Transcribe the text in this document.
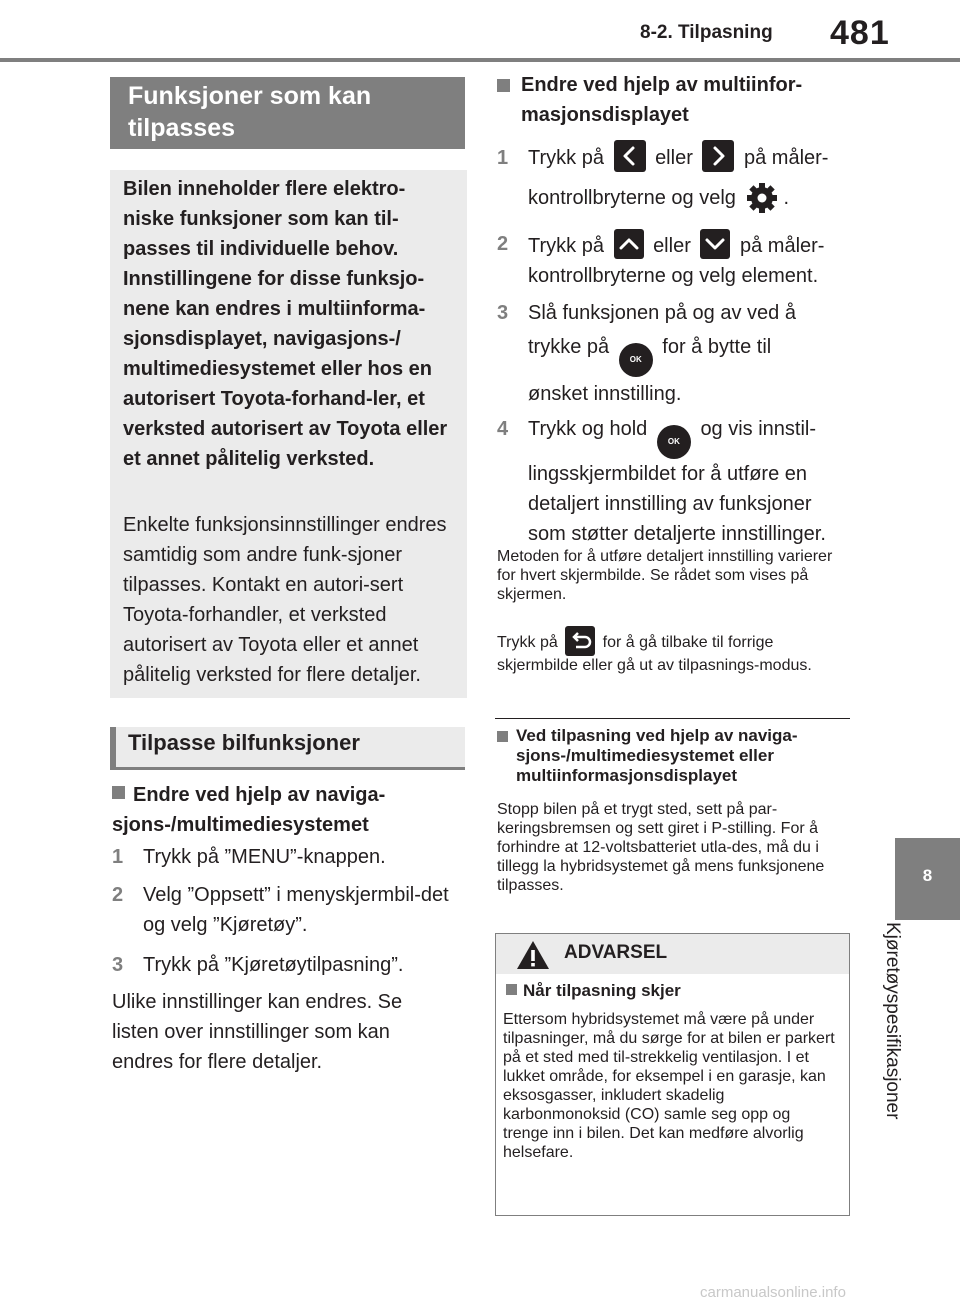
8-2. Tilpasning 481
8
Kjøretøyspesifikasjoner
Funksjoner som kan tilpasses
Bilen inneholder flere elektro-niske funksjoner som kan til-passes til individuelle behov. Innstillingene for disse funksjo-nene kan endres i multiinforma-sjonsdisplayet, navigasjons-/ multimediesystemet eller hos en autorisert Toyota-forhand-ler, et verksted autorisert av Toyota eller et annet pålitelig verksted.
Enkelte funksjonsinnstillinger endres samtidig som andre funk-sjoner tilpasses. Kontakt en autori-sert Toyota-forhandler, et verksted autorisert av Toyota eller et annet pålitelig verksted for flere detaljer.
Tilpasse bilfunksjoner
Endre ved hjelp av naviga-sjons-/multimediesystemet
1 Trykk på ”MENU”-knappen.
2 Velg ”Oppsett” i menyskjermbil-det og velg ”Kjøretøy”.
3 Trykk på ”Kjøretøytilpasning”.
Ulike innstillinger kan endres. Se listen over innstillinger som kan endres for flere detaljer.
Endre ved hjelp av multiinfor-masjonsdisplayet
1 Trykk på	eller	på måler-
kontrollbryterne og velg .
2 Trykk på eller på måler-
kontrollbryterne og velg element.
3 Slå funksjonen på og av ved å
trykke på OK for å bytte til
ønsket innstilling.
4 Trykk og hold OK og vis innstil- lingsskjermbildet for å utføre en detaljert innstilling av funksjoner som støtter detaljerte innstillinger.
Metoden for å utføre detaljert innstilling varierer for hvert skjermbilde. Se rådet som vises på skjermen.
Trykk på	for å gå tilbake til forrige skjermbilde eller gå ut av tilpasnings-modus.
Ved tilpasning ved hjelp av naviga-sjons-/multimediesystemet eller multiinformasjonsdisplayet
Stopp bilen på et trygt sted, sett på par-keringsbremsen og sett giret i P-stilling. For å forhindre at 12-voltsbatteriet utla-des, må du i tillegg la hybridsystemet gå mens funksjonene tilpasses.
ADVARSEL
Når tilpasning skjer
Ettersom hybridsystemet må være på under tilpasninger, må du sørge for at bilen er parkert på et sted med til-strekkelig ventilasjon. I et lukket område, for eksempel i en garasje, kan eksosgasser, inkludert skadelig karbonmonoksid (CO) samle seg opp og trenge inn i bilen. Det kan medføre alvorlig helsefare.
carmanualsonline.info
